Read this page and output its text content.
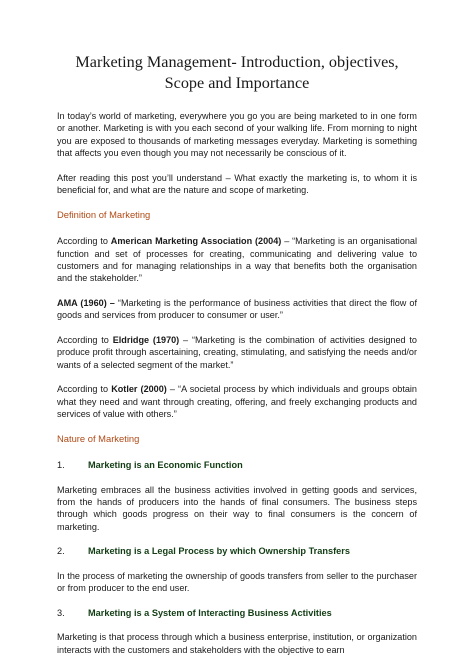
Marketing Management- Introduction, objectives, Scope and Importance

In today’s world of marketing, everywhere you go you are being marketed to in one form or another. Marketing is with you each second of your walking life. From morning to night you are exposed to thousands of marketing messages everyday. Marketing is something that affects you even though you may not necessarily be conscious of it.

After reading this post you’ll understand – What exactly the marketing is, to whom it is beneficial for, and what are the nature and scope of marketing.

Definition of Marketing

According to American Marketing Association (2004) – “Marketing is an organisational function and set of processes for creating, communicating and delivering value to customers and for managing relationships in a way that benefits both the organisation and the stakeholder.”

AMA (1960) – “Marketing is the performance of business activities that direct the flow of goods and services from producer to consumer or user.”

According to Eldridge (1970) – “Marketing is the combination of activities designed to produce profit through ascertaining, creating, stimulating, and satisfying the needs and/or wants of a selected segment of the market.”

According to Kotler (2000) – “A societal process by which individuals and groups obtain what they need and want through creating, offering, and freely exchanging products and services of value with others.”

Nature of Marketing
1.	Marketing is an Economic Function

Marketing embraces all the business activities involved in getting goods and services, from the hands of producers into the hands of final consumers. The business steps through which goods progress on their way to final consumers is the concern of marketing.

2.	Marketing is a Legal Process by which Ownership Transfers

In the process of marketing the ownership of goods transfers from seller to the purchaser or from producer to the end user.

3.	Marketing is a System of Interacting Business Activities

Marketing is that process through which a business enterprise, institution, or organization interacts with the customers and stakeholders with the objective to earn
